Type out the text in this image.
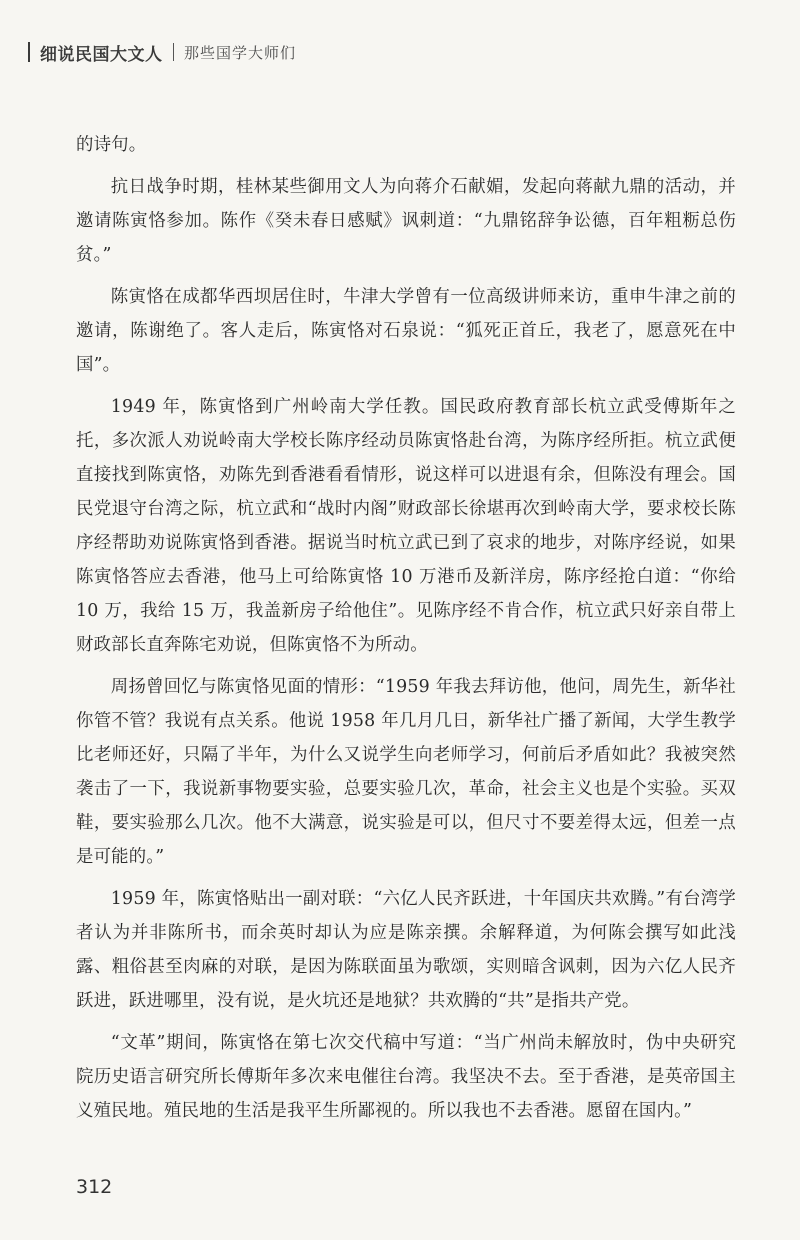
细说民国大文人 那些国学大师们

的诗句。

抗日战争时期，桂林某些御用文人为向蒋介石献媚，发起向蒋献九鼎的活动，并邀请陈寅恪参加。陈作《癸未春日感赋》讽刺道：“九鼎铭辞争讼德，百年粗粝总伤贫。”

陈寅恪在成都华西坝居住时，牛津大学曾有一位高级讲师来访，重申牛津之前的邀请，陈谢绝了。客人走后，陈寅恪对石泉说：“狐死正首丘，我老了，愿意死在中国”。

1949 年，陈寅恪到广州岭南大学任教。国民政府教育部长杭立武受傅斯年之托，多次派人劝说岭南大学校长陈序经动员陈寅恪赴台湾，为陈序经所拒。杭立武便直接找到陈寅恪，劝陈先到香港看看情形，说这样可以进退有余，但陈没有理会。国民党退守台湾之际，杭立武和“战时内阁”财政部长徐堪再次到岭南大学，要求校长陈序经帮助劝说陈寅恪到香港。据说当时杭立武已到了哀求的地步，对陈序经说，如果陈寅恪答应去香港，他马上可给陈寅恪 10 万港币及新洋房，陈序经抢白道：“你给 10 万，我给 15 万，我盖新房子给他住”。见陈序经不肯合作，杭立武只好亲自带上财政部长直奔陈宅劝说，但陈寅恪不为所动。

周扬曾回忆与陈寅恪见面的情形：“1959 年我去拜访他，他问，周先生，新华社你管不管？我说有点关系。他说 1958 年几月几日，新华社广播了新闻，大学生教学比老师还好，只隔了半年，为什么又说学生向老师学习，何前后矛盾如此？我被突然袭击了一下，我说新事物要实验，总要实验几次，革命，社会主义也是个实验。买双鞋，要实验那么几次。他不大满意，说实验是可以，但尺寸不要差得太远，但差一点是可能的。”

1959 年，陈寅恪贴出一副对联：“六亿人民齐跃进，十年国庆共欢腾。”有台湾学者认为并非陈所书，而余英时却认为应是陈亲撰。余解释道，为何陈会撰写如此浅露、粗俗甚至肉麻的对联，是因为陈联面虽为歌颂，实则暗含讽刺，因为六亿人民齐跃进，跃进哪里，没有说，是火坑还是地狱？共欢腾的“共”是指共产党。

“文革”期间，陈寅恪在第七次交代稿中写道：“当广州尚未解放时，伪中央研究院历史语言研究所长傅斯年多次来电催往台湾。我坚决不去。至于香港，是英帝国主义殖民地。殖民地的生活是我平生所鄙视的。所以我也不去香港。愿留在国内。”

312
